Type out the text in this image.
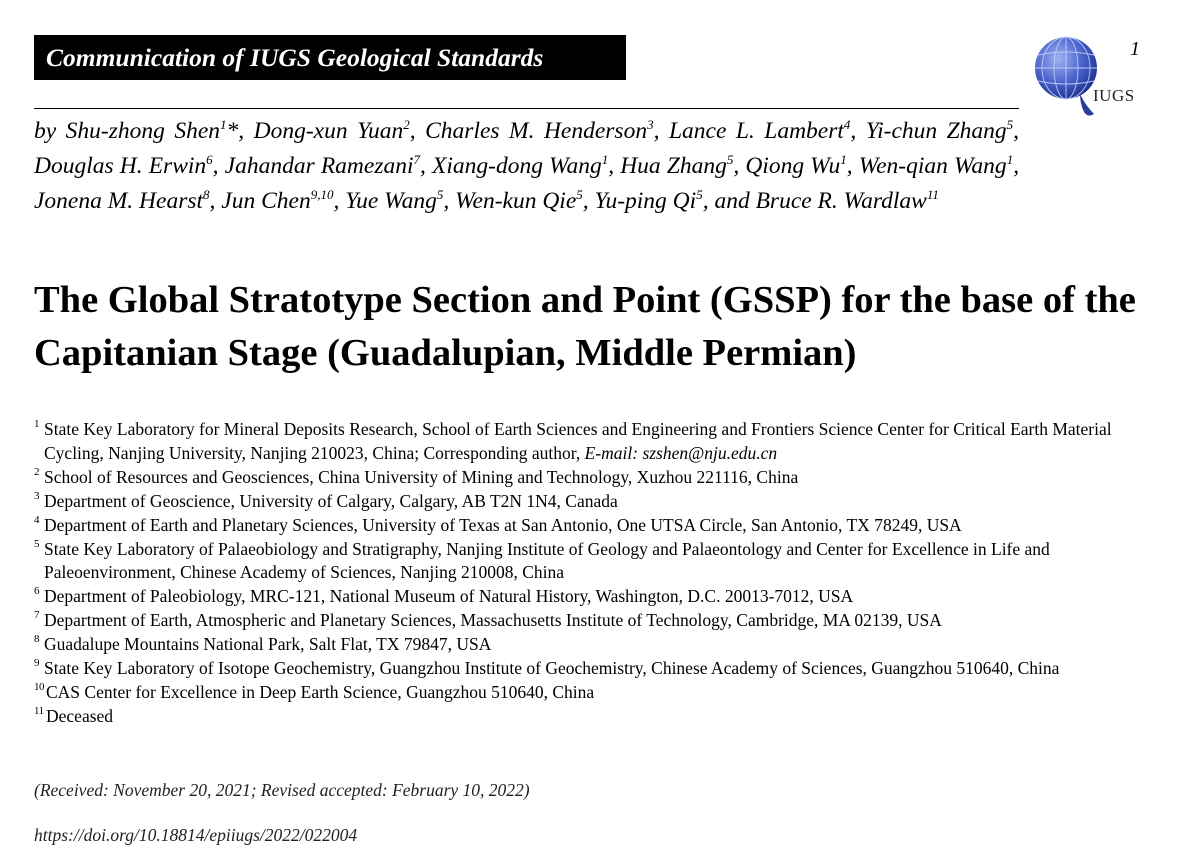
Communication of IUGS Geological Standards	1
IUGS
by Shu-zhong Shen$^1$*, Dong-xun Yuan$^2$, Charles M. Henderson$^3$, Lance L. Lambert$^4$, Yi-chun Zhang$^5$, Douglas H. Erwin$^6$, Jahandar Ramezani$^7$, Xiang-dong Wang$^1$, Hua Zhang$^5$, Qiong Wu$^1$, Wen-qian Wang$^1$, Jonena M. Hearst$^8$, Jun Chen$^{9,10}$, Yue Wang$^5$, Wen-kun Qie$^5$, Yu-ping Qi$^5$, and Bruce R. Wardlaw$^{11}$
The Global Stratotype Section and Point (GSSP) for the base of the Capitanian Stage (Guadalupian, Middle Permian)
1 State Key Laboratory for Mineral Deposits Research, School of Earth Sciences and Engineering and Frontiers Science Center for Critical Earth Material Cycling, Nanjing University, Nanjing 210023, China; Corresponding author, E-mail: szshen@nju.edu.cn
2 School of Resources and Geosciences, China University of Mining and Technology, Xuzhou 221116, China
3 Department of Geoscience, University of Calgary, Calgary, AB T2N 1N4, Canada
4 Department of Earth and Planetary Sciences, University of Texas at San Antonio, One UTSA Circle, San Antonio, TX 78249, USA
5 State Key Laboratory of Palaeobiology and Stratigraphy, Nanjing Institute of Geology and Palaeontology and Center for Excellence in Life and Paleoenvironment, Chinese Academy of Sciences, Nanjing 210008, China
6 Department of Paleobiology, MRC-121, National Museum of Natural History, Washington, D.C. 20013-7012, USA
7 Department of Earth, Atmospheric and Planetary Sciences, Massachusetts Institute of Technology, Cambridge, MA 02139, USA
8 Guadalupe Mountains National Park, Salt Flat, TX 79847, USA
9 State Key Laboratory of Isotope Geochemistry, Guangzhou Institute of Geochemistry, Chinese Academy of Sciences, Guangzhou 510640, China
10 CAS Center for Excellence in Deep Earth Science, Guangzhou 510640, China
11 Deceased
(Received: November 20, 2021; Revised accepted: February 10, 2022)
https://doi.org/10.18814/epiiugs/2022/022004
